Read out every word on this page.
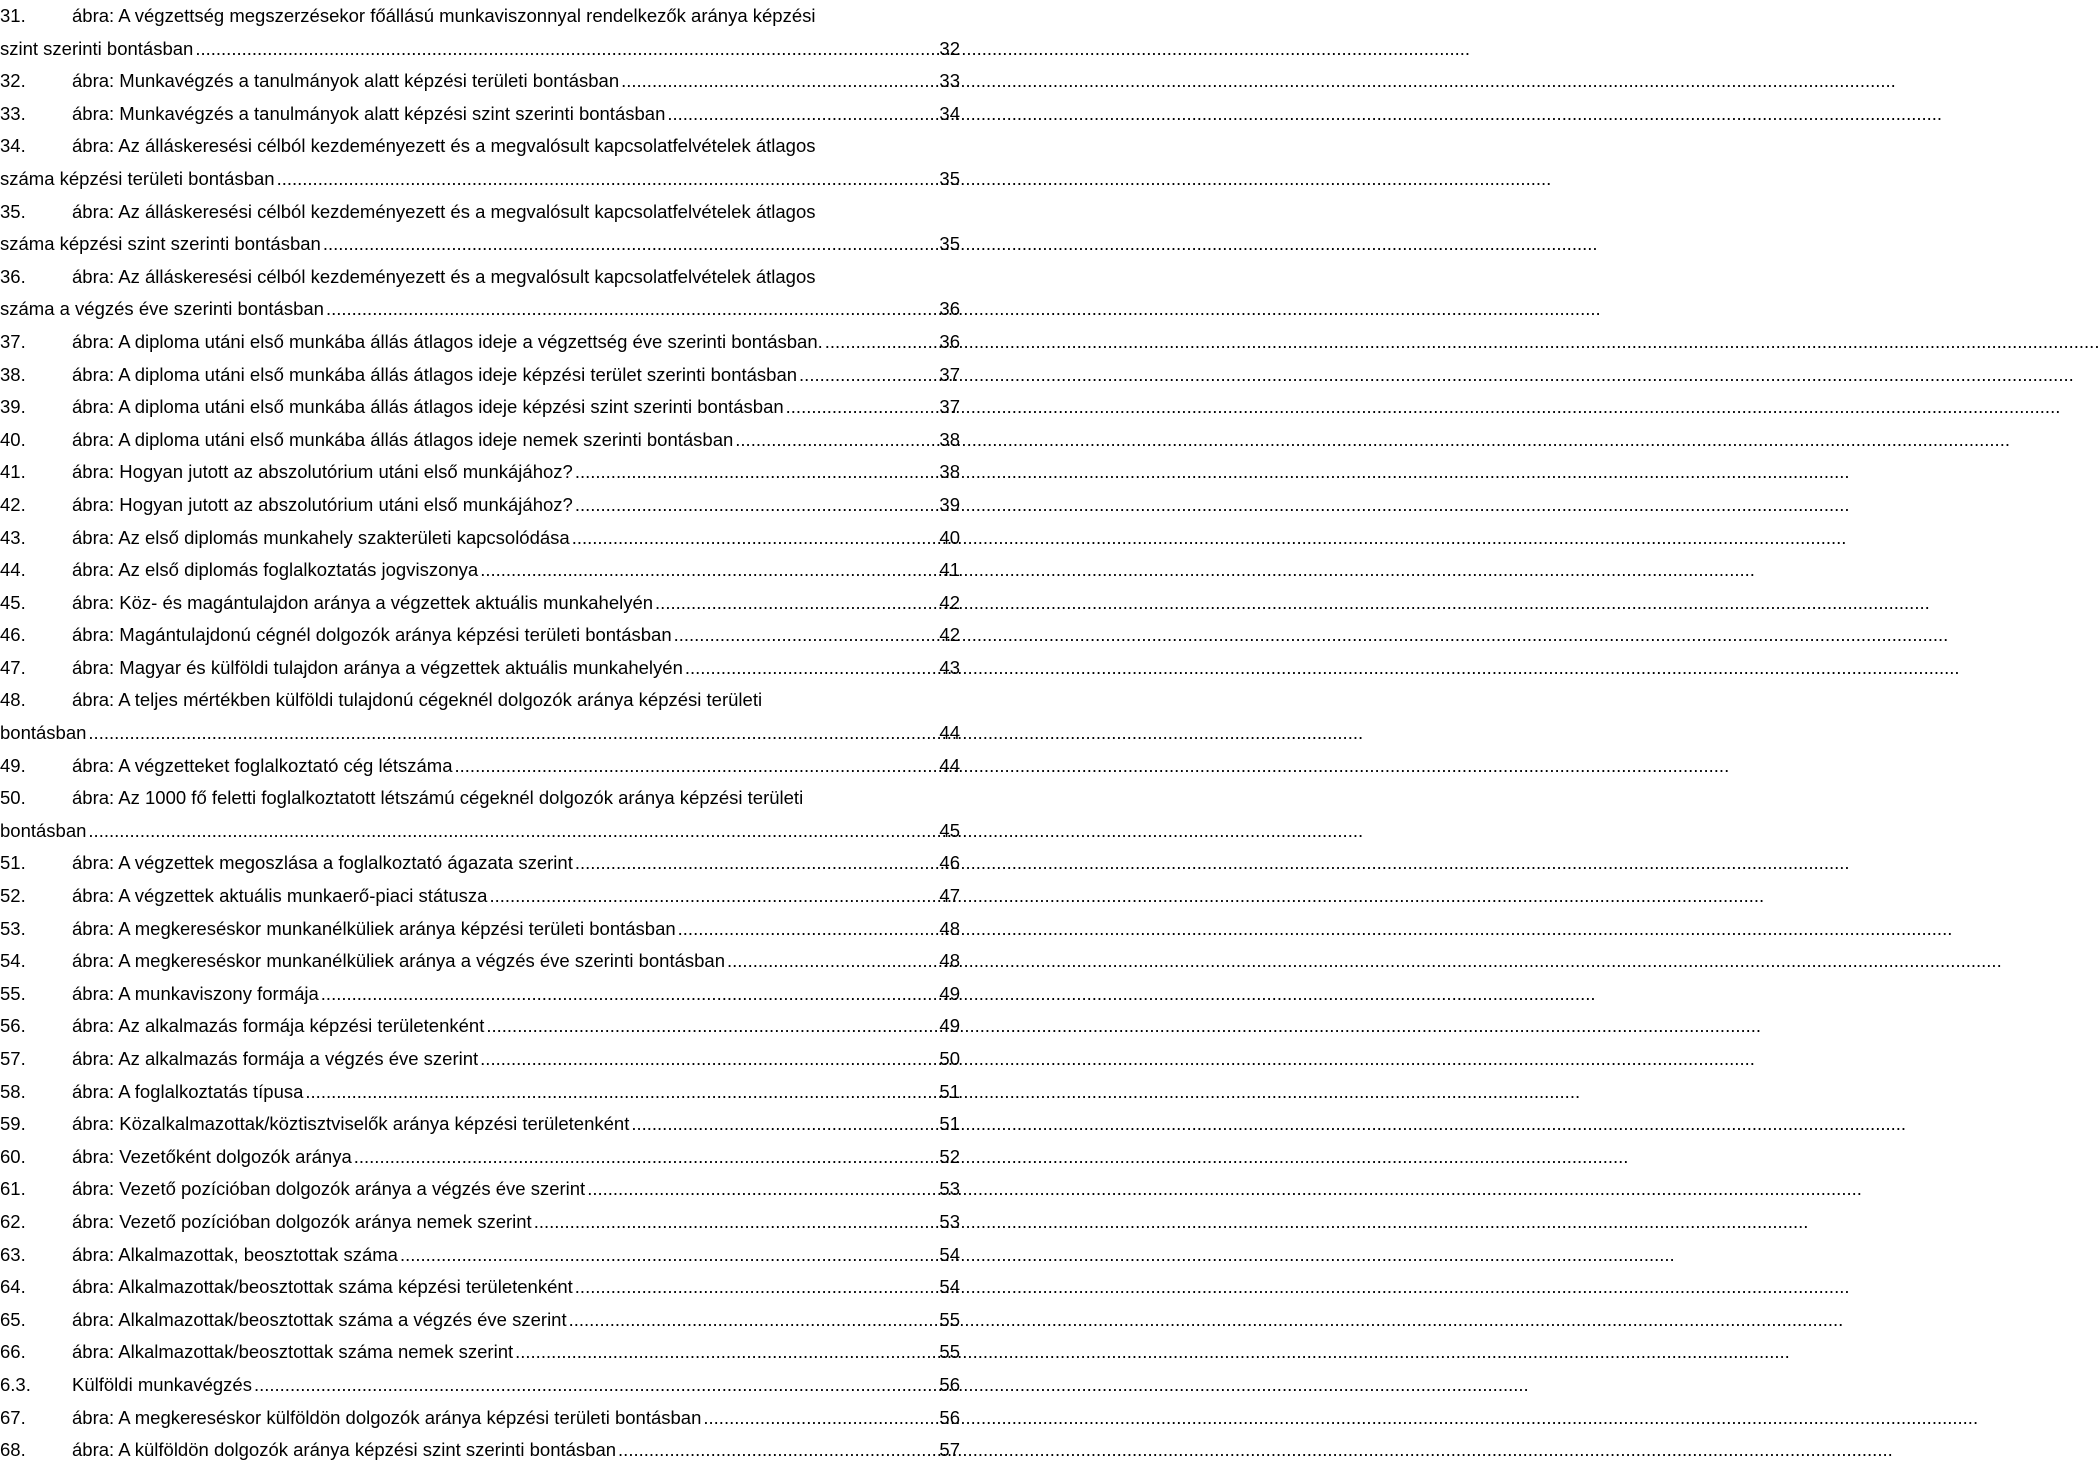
31.	ábra: A végzettség megszerzésekor főállású munkaviszonnyal rendelkezők aránya képzési
szint szerinti bontásban .....	32
32.	ábra: Munkavégzés a tanulmányok alatt képzési területi bontásban .....	33
33.	ábra: Munkavégzés a tanulmányok alatt képzési szint szerinti bontásban .....	34
34.	ábra: Az álláskeresési célból kezdeményezett és a megvalósult kapcsolatfelvételek átlagos
száma képzési területi bontásban .....	35
35.	ábra: Az álláskeresési célból kezdeményezett és a megvalósult kapcsolatfelvételek átlagos
száma képzési szint szerinti bontásban .....	35
36.	ábra: Az álláskeresési célból kezdeményezett és a megvalósult kapcsolatfelvételek átlagos
száma a végzés éve szerinti bontásban .....	36
37.	ábra: A diploma utáni első munkába állás átlagos ideje a végzettség éve szerinti bontásban. .....	36
38.	ábra: A diploma utáni első munkába állás átlagos ideje képzési terület szerinti bontásban .....	37
39.	ábra: A diploma utáni első munkába állás átlagos ideje képzési szint szerinti bontásban .....	37
40.	ábra: A diploma utáni első munkába állás átlagos ideje nemek szerinti bontásban .....	38
41.	ábra: Hogyan jutott az abszolutórium utáni első munkájához? .....	38
42.	ábra: Hogyan jutott az abszolutórium utáni első munkájához? .....	39
43.	ábra: Az első diplomás munkahely szakterületi kapcsolódása .....	40
44.	ábra: Az első diplomás foglalkoztatás jogviszonya .....	41
45.	ábra: Köz- és magántulajdon aránya a végzettek aktuális munkahelyén .....	42
46.	ábra: Magántulajdonú cégnél dolgozók aránya képzési területi bontásban .....	42
47.	ábra: Magyar és külföldi tulajdon aránya a végzettek aktuális munkahelyén .....	43
48.	ábra: A teljes mértékben külföldi tulajdonú cégeknél dolgozók aránya képzési területi
bontásban .....	44
49.	ábra: A végzetteket foglalkoztató cég létszáma .....	44
50.	ábra: Az 1000 fő feletti foglalkoztatott létszámú cégeknél dolgozók aránya képzési területi
bontásban .....	45
51.	ábra: A végzettek megoszlása a foglalkoztató ágazata szerint .....	46
52.	ábra: A végzettek aktuális munkaerő-piaci státusza .....	47
53.	ábra: A megkereséskor munkanélküliek aránya képzési területi bontásban .....	48
54.	ábra: A megkereséskor munkanélküliek aránya a végzés éve szerinti bontásban .....	48
55.	ábra: A munkaviszony formája .....	49
56.	ábra: Az alkalmazás formája képzési területenként .....	49
57.	ábra: Az alkalmazás formája a végzés éve szerint .....	50
58.	ábra: A foglalkoztatás típusa .....	51
59.	ábra: Közalkalmazottak/köztisztviselők aránya képzési területenként .....	51
60.	ábra: Vezetőként dolgozók aránya .....	52
61.	ábra: Vezető pozícióban dolgozók aránya a végzés éve szerint .....	53
62.	ábra: Vezető pozícióban dolgozók aránya nemek szerint .....	53
63.	ábra: Alkalmazottak, beosztottak száma .....	54
64.	ábra: Alkalmazottak/beosztottak száma képzési területenként .....	54
65.	ábra: Alkalmazottak/beosztottak száma a végzés éve szerint .....	55
66.	ábra: Alkalmazottak/beosztottak száma nemek szerint .....	55
6.3.	Külföldi munkavégzés .....	56
67.	ábra: A megkereséskor külföldön dolgozók aránya képzési területi bontásban .....	56
68.	ábra: A külföldön dolgozók aránya képzési szint szerinti bontásban .....	57
